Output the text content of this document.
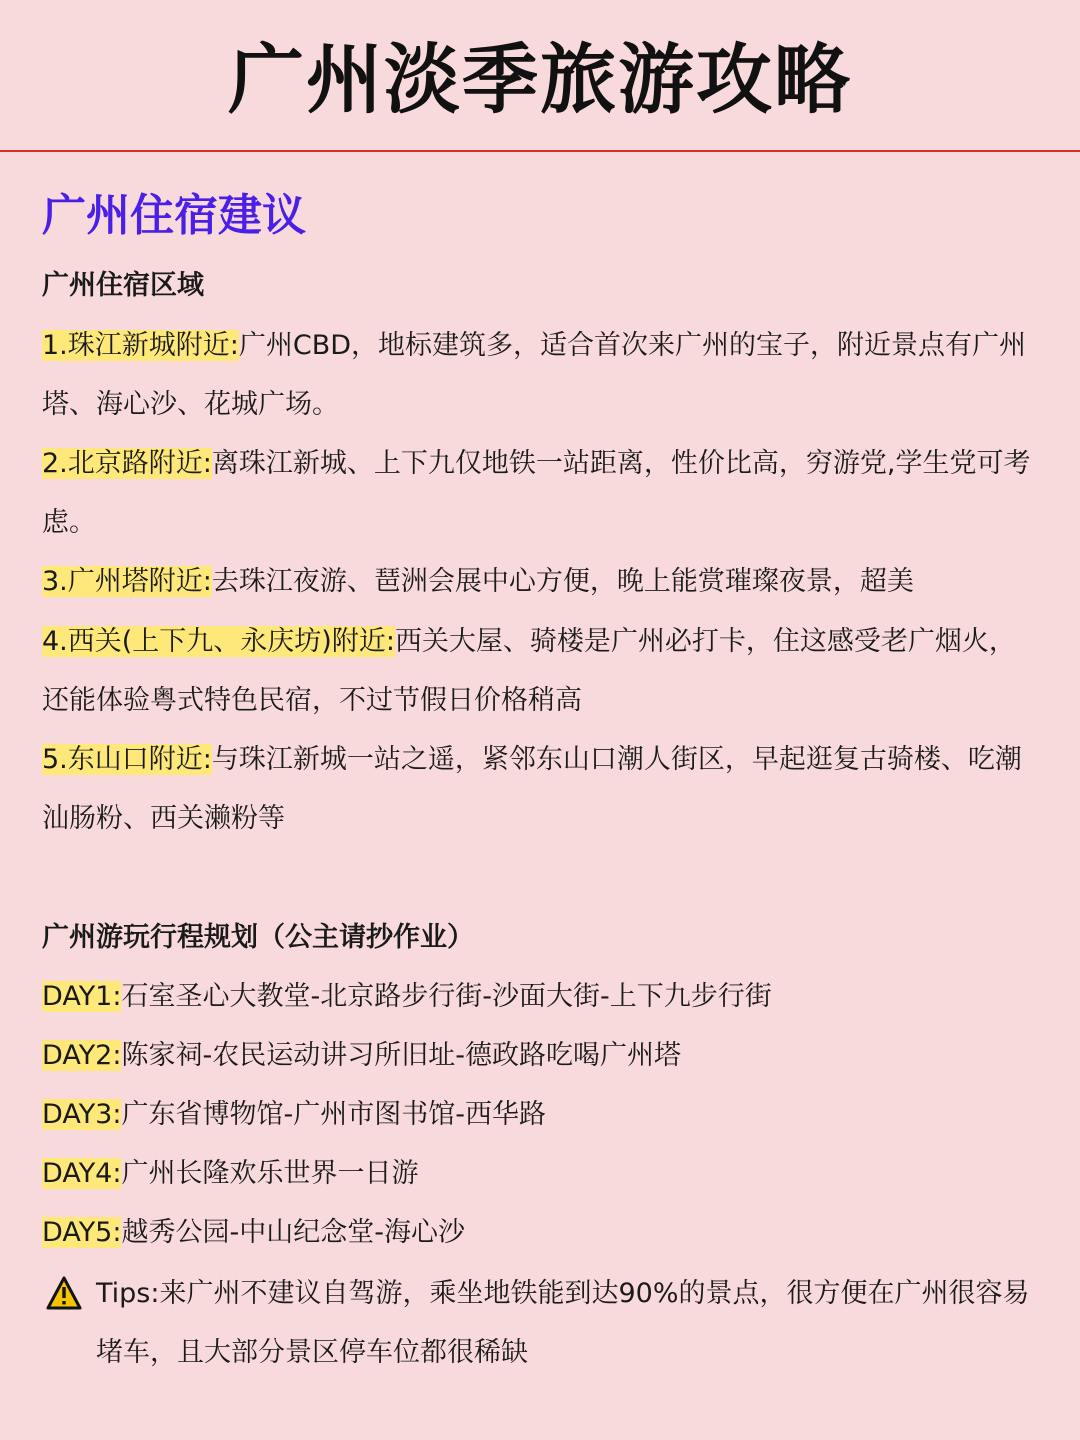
广州淡季旅游攻略
广州住宿建议
广州住宿区域
1.珠江新城附近:广州CBD，地标建筑多，适合首次来广州的宝子，附近景点有广州塔、海心沙、花城广场。
2.北京路附近:离珠江新城、上下九仅地铁一站距离，性价比高，穷游党,学生党可考虑。
3.广州塔附近:去珠江夜游、琶洲会展中心方便，晚上能赏璀璨夜景，超美
4.西关(上下九、永庆坊)附近:西关大屋、骑楼是广州必打卡，住这感受老广烟火，还能体验粤式特色民宿，不过节假日价格稍高
5.东山口附近:与珠江新城一站之遥，紧邻东山口潮人街区，早起逛复古骑楼、吃潮汕肠粉、西关濑粉等
广州游玩行程规划（公主请抄作业）
DAY1:石室圣心大教堂-北京路步行街-沙面大街-上下九步行街
DAY2:陈家祠-农民运动讲习所旧址-德政路吃喝广州塔
DAY3:广东省博物馆-广州市图书馆-西华路
DAY4:广州长隆欢乐世界一日游
DAY5:越秀公园-中山纪念堂-海心沙
Tips:来广州不建议自驾游，乘坐地铁能到达90%的景点，很方便在广州很容易堵车，且大部分景区停车位都很稀缺
